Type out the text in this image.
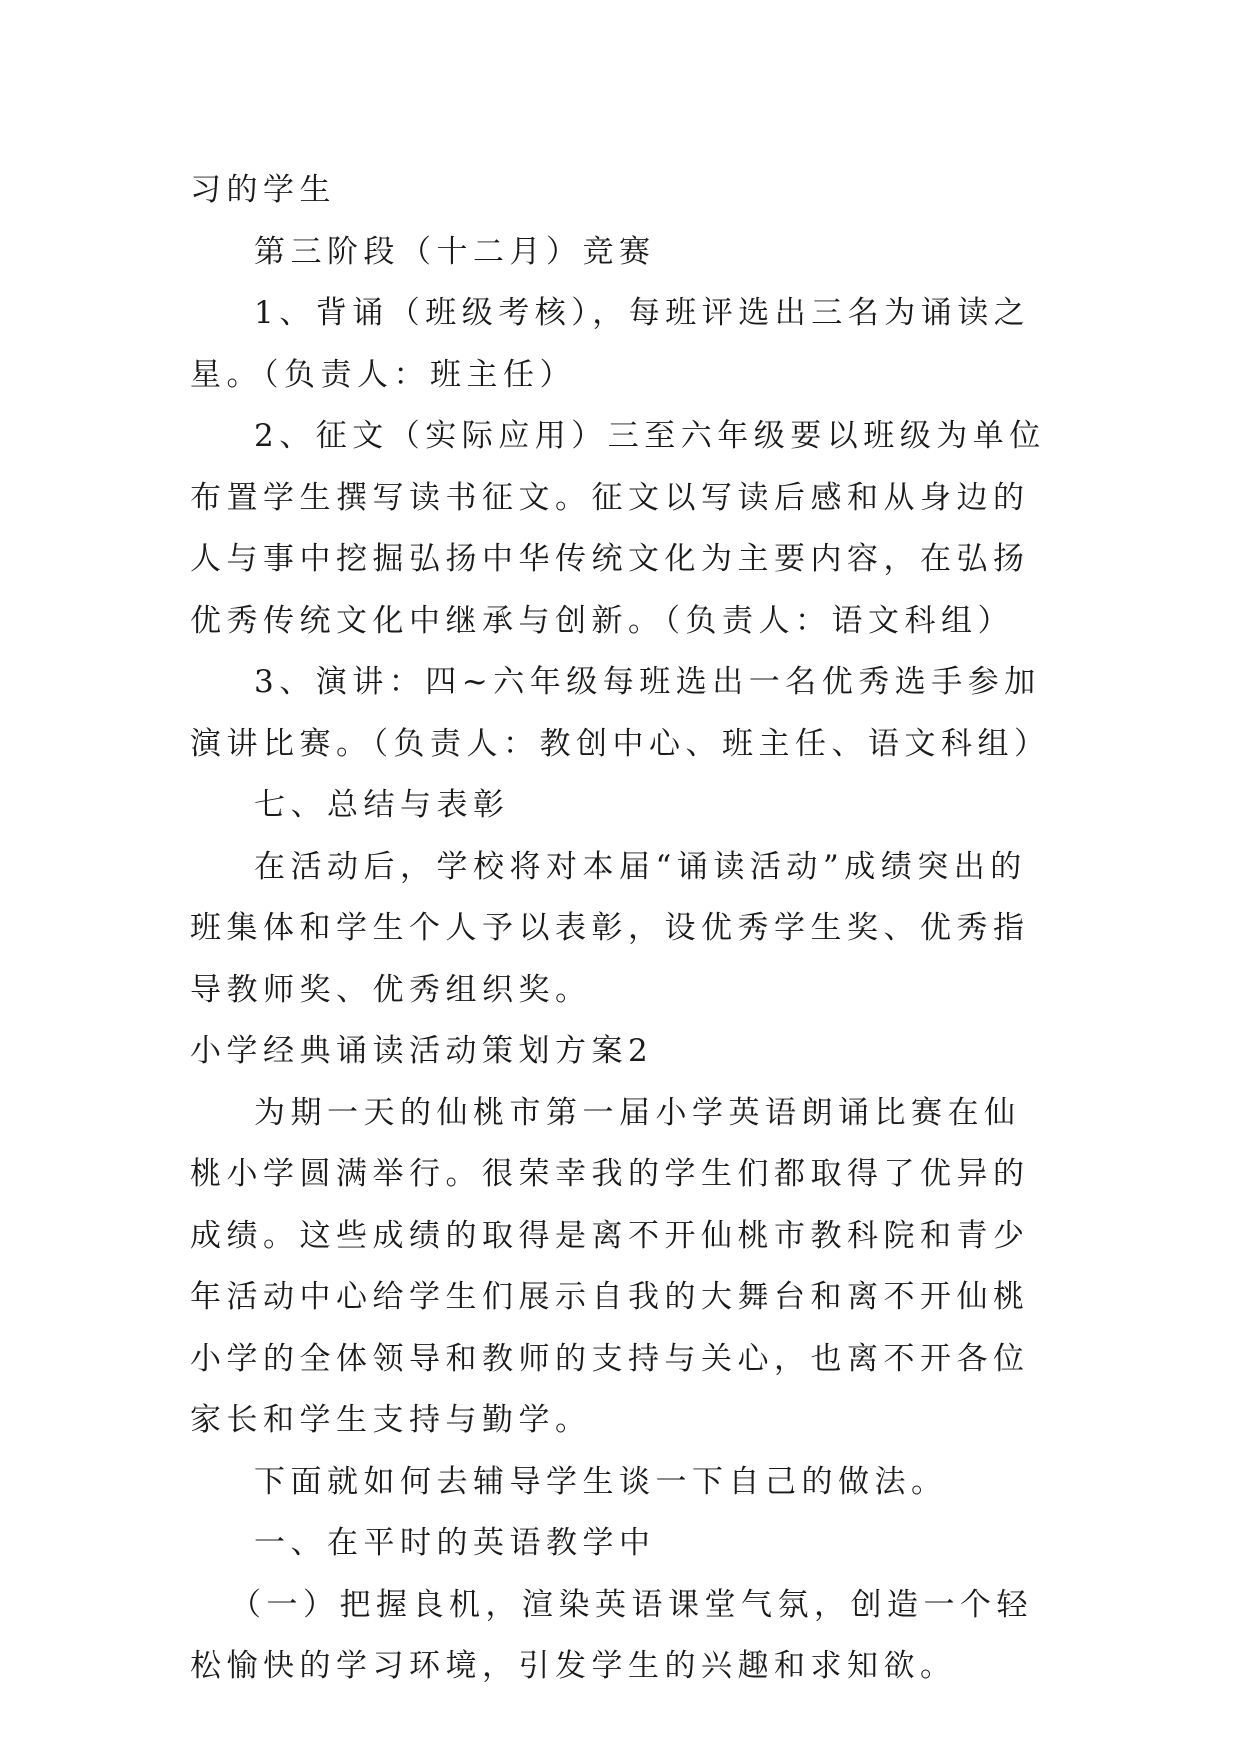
习的学生

第三阶段（十二月）竞赛

1、背诵（班级考核），每班评选出三名为诵读之星。（负责人：班主任）

2、征文（实际应用）三至六年级要以班级为单位布置学生撰写读书征文。征文以写读后感和从身边的人与事中挖掘弘扬中华传统文化为主要内容，在弘扬优秀传统文化中继承与创新。（负责人：语文科组）

3、演讲：四~六年级每班选出一名优秀选手参加演讲比赛。（负责人：教创中心、班主任、语文科组）

七、总结与表彰

在活动后，学校将对本届“诵读活动”成绩突出的班集体和学生个人予以表彰，设优秀学生奖、优秀指导教师奖、优秀组织奖。

小学经典诵读活动策划方案2

为期一天的仙桃市第一届小学英语朗诵比赛在仙桃小学圆满举行。很荣幸我的学生们都取得了优异的成绩。这些成绩的取得是离不开仙桃市教科院和青少年活动中心给学生们展示自我的大舞台和离不开仙桃小学的全体领导和教师的支持与关心，也离不开各位家长和学生支持与勤学。

下面就如何去辅导学生谈一下自己的做法。

一、在平时的英语教学中

（一）把握良机，渲染英语课堂气氛，创造一个轻松愉快的学习环境，引发学生的兴趣和求知欲。
